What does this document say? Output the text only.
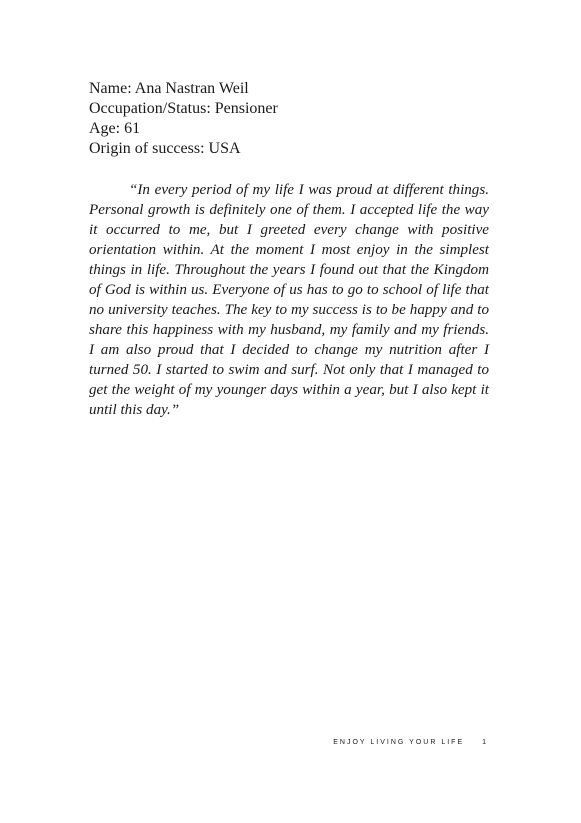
Name: Ana Nastran Weil
Occupation/Status: Pensioner
Age: 61
Origin of success: USA

“In every period of my life I was proud at different things. Personal growth is definitely one of them. I accepted life the way it occurred to me, but I greeted every change with positive orientation within. At the moment I most enjoy in the simplest things in life. Throughout the years I found out that the Kingdom of God is within us. Everyone of us has to go to school of life that no university teaches. The key to my success is to be happy and to share this happiness with my husband, my family and my friends. I am also proud that I decided to change my nutrition after I turned 50. I started to swim and surf. Not only that I managed to get the weight of my younger days within a year, but I also kept it until this day.”

ENJOY LIVING YOUR LIFE	1
